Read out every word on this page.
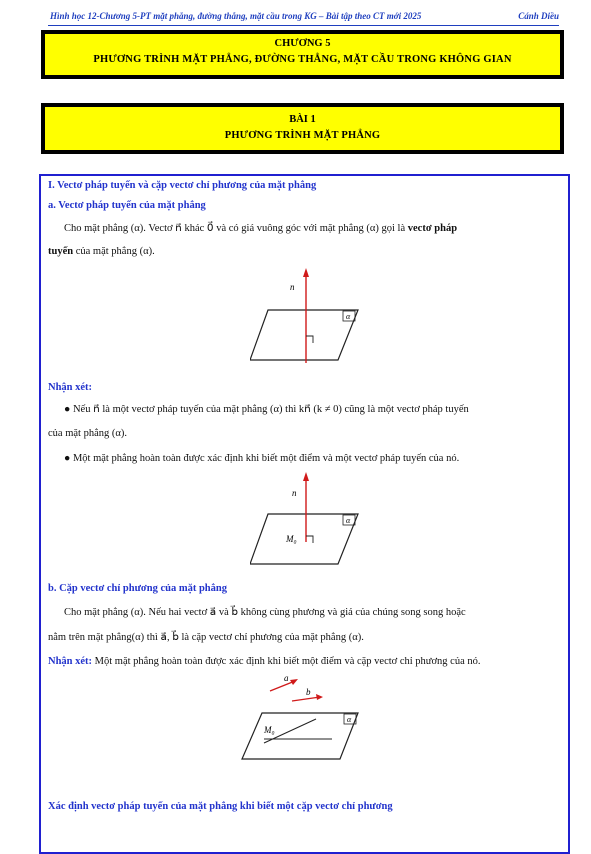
Hình học 12-Chương 5-PT mặt phẳng, đường thẳng, mặt cầu trong KG – Bài tập theo CT mới 2025	Cánh Diều
CHƯƠNG 5
PHƯƠNG TRÌNH MẶT PHẲNG, ĐƯỜNG THẲNG, MẶT CẦU TRONG KHÔNG GIAN
BÀI 1
PHƯƠNG TRÌNH MẶT PHẲNG
I. Vectơ pháp tuyến và cặp vectơ chỉ phương của mặt phẳng
a. Vectơ pháp tuyến của mặt phẳng
Cho mặt phẳng (α). Vectơ n⃗ khác 0⃗ và có giá vuông góc với mặt phẳng (α) gọi là vectơ pháp
tuyến của mặt phẳng (α).
n⃗
α
Nhận xét:
● Nếu n⃗ là một vectơ pháp tuyến của mặt phẳng (α) thì kn⃗ (k ≠ 0) cũng là một vectơ pháp tuyến
của mặt phẳng (α).
● Một mặt phẳng hoàn toàn được xác định khi biết một điểm và một vectơ pháp tuyến của nó.
n⃗
M₀
α
b. Cặp vectơ chỉ phương của mặt phẳng
Cho mặt phẳng (α). Nếu hai vectơ a⃗ và b⃗ không cùng phương và giá của chúng song song hoặc
nằm trên mặt phẳng(α) thì a⃗, b⃗ là cặp vectơ chỉ phương của mặt phẳng (α).
Nhận xét: Một mặt phẳng hoàn toàn được xác định khi biết một điểm và cặp vectơ chỉ phương của nó.
a⃗
b⃗
M₀
α
Xác định vectơ pháp tuyến của mặt phẳng khi biết một cặp vectơ chỉ phương
